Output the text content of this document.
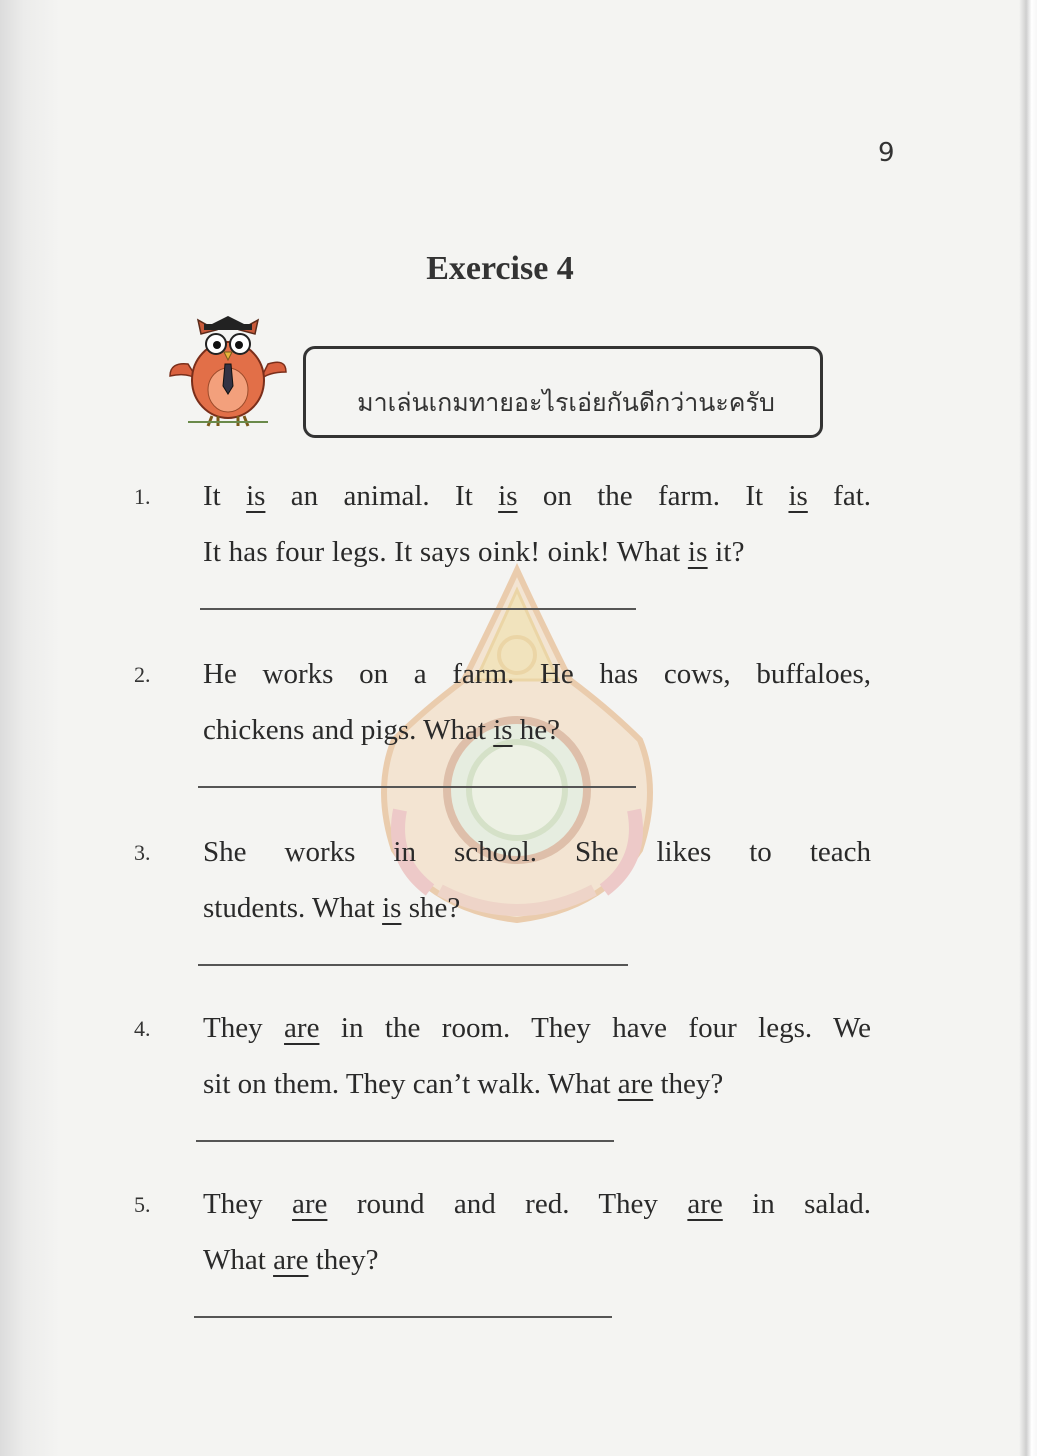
9
Exercise 4
มาเล่นเกมทายอะไรเอ่ยกันดีกว่านะครับ
1. It is an animal. It is on the farm. It is fat.
It has four legs. It says oink! oink! What is it?
2. He works on a farm. He has cows, buffaloes,
chickens and pigs. What is he?
3. She works in school. She likes to teach
students. What is she?
4. They are in the room. They have four legs. We
sit on them. They can’t walk. What are they?
5. They are round and red. They are in salad.
What are they?
